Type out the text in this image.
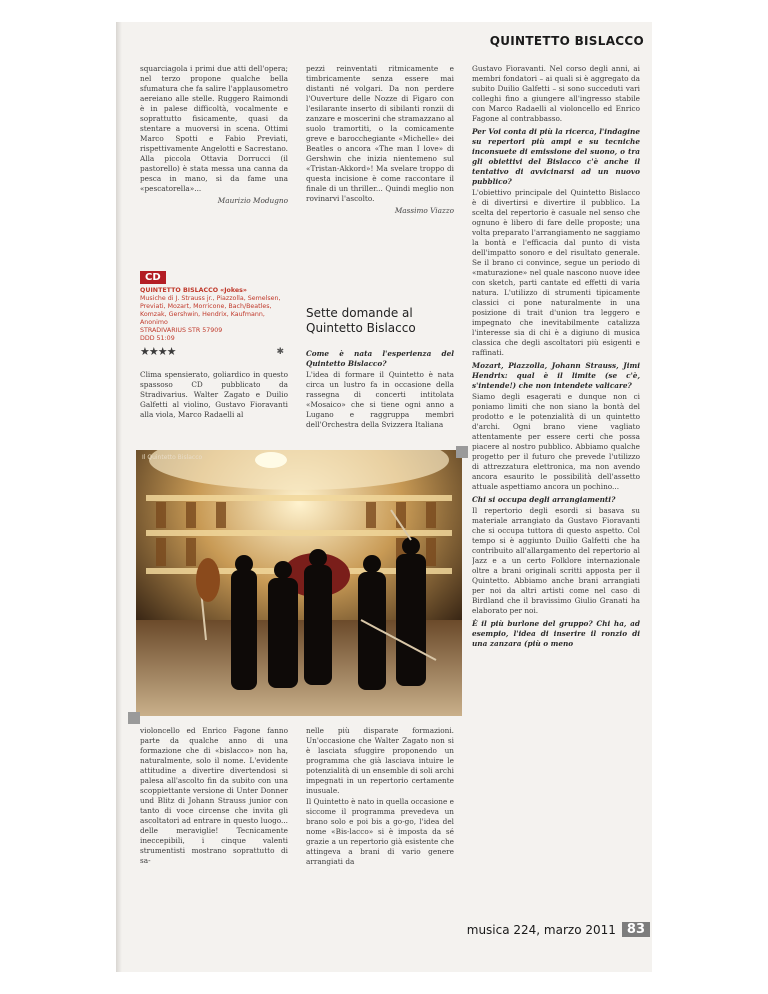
QUINTETTO BISLACCO

squarciagola i primi due atti dell'opera; nel terzo propone qualche bella sfumatura che fa salire l'applausometro aereiano alle stelle. Ruggero Raimondi è in palese difficoltà, vocalmente e soprattutto fisicamente, quasi da stentare a muoversi in scena. Ottimi Marco Spotti e Fabio Previati, rispettivamente Angelotti e Sacrestano. Alla piccola Ottavia Dorrucci (il pastorello) è stata messa una canna da pesca in mano, si da fame una «pescatorella»...

Maurizio Modugno

pezzi reinventati ritmicamente e timbricamente senza essere mai distanti né volgari. Da non perdere l'Ouverture delle Nozze di Figaro con l'esilarante inserto di sibilanti ronzii di zanzare e moscerini che stramazzano al suolo tramortiti, o la comicamente greve e barocchegiante «Michelle» dei Beatles o ancora «The man I love» di Gershwin che inizia nientemeno sul «Tristan-Akkord»! Ma svelare troppo di questa incisione è come raccontare il finale di un thriller... Quindi meglio non rovinarvi l'ascolto.

Massimo Viazzo
CD
QUINTETTO BISLACCO «Jokes»
Musiche di J. Strauss jr., Piazzolla, Semelsen, Previati, Mozart, Morricone, Bach/Beatles, Komzak, Gershwin, Hendrix, Kaufmann, Anonimo
STRADIVARIUS STR 57909
DDD 51:09
★★★★	✱

Clima spensierato, goliardico in questo spassoso CD pubblicato da Stradivarius. Walter Zagato e Duilio Galfetti al violino, Gustavo Fioravanti alla viola, Marco Radaelli al

Sette domande al Quintetto Bislacco

Come è nata l'esperienza del Quintetto Bislacco?

L'idea di formare il Quintetto è nata circa un lustro fa in occasione della rassegna di concerti intitolata «Mosaico» che si tiene ogni anno a Lugano e raggruppa membri dell'Orchestra della Svizzera Italiana

Il Quintetto Bislacco

violoncello ed Enrico Fagone fanno parte da qualche anno di una formazione che di «bislacco» non ha, naturalmente, solo il nome. L'evidente attitudine a divertire divertendosi si palesa all'ascolto fin da subito con una scoppiettante versione di Unter Donner und Blitz di Johann Strauss junior con tanto di voce circense che invita gli ascoltatori ad entrare in questo luogo... delle meraviglie! Tecnicamente ineccepibili, i cinque valenti strumentisti mostrano soprattutto di sa-

nelle più disparate formazioni. Un'occasione che Walter Zagato non si è lasciata sfuggire proponendo un programma che già lasciava intuire le potenzialità di un ensemble di soli archi impegnati in un repertorio certamente inusuale.

Il Quintetto è nato in quella occasione e siccome il programma prevedeva un brano solo e poi bis a go-go, l'idea del nome «Bis-lacco» si è imposta da sé grazie a un repertorio già esistente che attingeva a brani di vario genere arrangiati da

Gustavo Fioravanti. Nel corso degli anni, ai membri fondatori – ai quali si è aggregato da subito Duilio Galfetti – si sono succeduti vari colleghi fino a giungere all'ingresso stabile con Marco Radaelli al violoncello ed Enrico Fagone al contrabbasso.

Per Voi conta di più la ricerca, l'indagine su repertori più ampi e su tecniche inconsuete di emissione del suono, o tra gli obiettivi del Bislacco c'è anche il tentativo di avvicinarsi ad un nuovo pubblico?

L'obiettivo principale del Quintetto Bislacco è di divertirsi e divertire il pubblico. La scelta del repertorio è casuale nel senso che ognuno è libero di fare delle proposte; una volta preparato l'arrangiamento ne saggiamo la bontà e l'efficacia dal punto di vista dell'impatto sonoro e del risultato generale. Se il brano ci convince, segue un periodo di «maturazione» nel quale nascono nuove idee con sketch, parti cantate ed effetti di varia natura. L'utilizzo di strumenti tipicamente classici ci pone naturalmente in una posizione di trait d'union tra leggero e impegnato che inevitabilmente catalizza l'interesse sia di chi è a digiuno di musica classica che degli ascoltatori più esigenti e raffinati.

Mozart, Piazzolla, Johann Strauss, Jimi Hendrix: qual è il limite (se c'è, s'intende!) che non intendete valicare?

Siamo degli esagerati e dunque non ci poniamo limiti che non siano la bontà del prodotto e le potenzialità di un quintetto d'archi. Ogni brano viene vagliato attentamente per essere certi che possa piacere al nostro pubblico. Abbiamo qualche progetto per il futuro che prevede l'utilizzo di attrezzatura elettronica, ma non avendo ancora esaurito le possibilità dell'assetto attuale aspettiamo ancora un pochino...

Chi si occupa degli arrangiamenti?

Il repertorio degli esordi si basava su materiale arrangiato da Gustavo Fioravanti che si occupa tuttora di questo aspetto. Col tempo si è aggiunto Duilio Galfetti che ha contribuito all'allargamento del repertorio al Jazz e a un certo Folklore internazionale oltre a brani originali scritti apposta per il Quintetto. Abbiamo anche brani arrangiati per noi da altri artisti come nel caso di Birdland che il bravissimo Giulio Granati ha elaborato per noi.

È il più burlone del gruppo? Chi ha, ad esempio, l'idea di inserire il ronzio di una zanzara (più o meno

musica 224, marzo 2011 83
